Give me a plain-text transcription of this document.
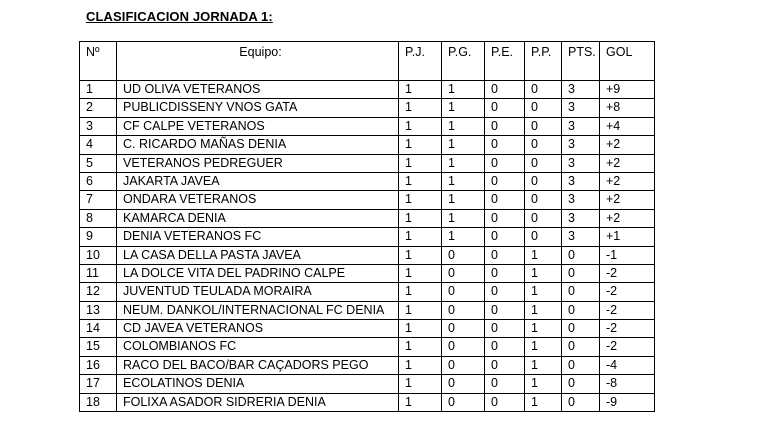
CLASIFICACION JORNADA 1:
Nº	Equipo:	P.J.	P.G.	P.E.	P.P.	PTS.	GOL
1	UD OLIVA VETERANOS	1	1	0	0	3	+9
2	PUBLICDISSENY VNOS GATA	1	1	0	0	3	+8
3	CF CALPE VETERANOS	1	1	0	0	3	+4
4	C. RICARDO MAÑAS DENIA	1	1	0	0	3	+2
5	VETERANOS PEDREGUER	1	1	0	0	3	+2
6	JAKARTA JAVEA	1	1	0	0	3	+2
7	ONDARA VETERANOS	1	1	0	0	3	+2
8	KAMARCA DENIA	1	1	0	0	3	+2
9	DENIA VETERANOS FC	1	1	0	0	3	+1
10	LA CASA DELLA PASTA JAVEA	1	0	0	1	0	-1
11	LA DOLCE VITA DEL PADRINO CALPE	1	0	0	1	0	-2
12	JUVENTUD TEULADA MORAIRA	1	0	0	1	0	-2
13	NEUM. DANKOL/INTERNACIONAL FC DENIA	1	0	0	1	0	-2
14	CD JAVEA VETERANOS	1	0	0	1	0	-2
15	COLOMBIANOS FC	1	0	0	1	0	-2
16	RACO DEL BACO/BAR CAÇADORS PEGO	1	0	0	1	0	-4
17	ECOLATINOS DENIA	1	0	0	1	0	-8
18	FOLIXA ASADOR SIDRERIA DENIA	1	0	0	1	0	-9
